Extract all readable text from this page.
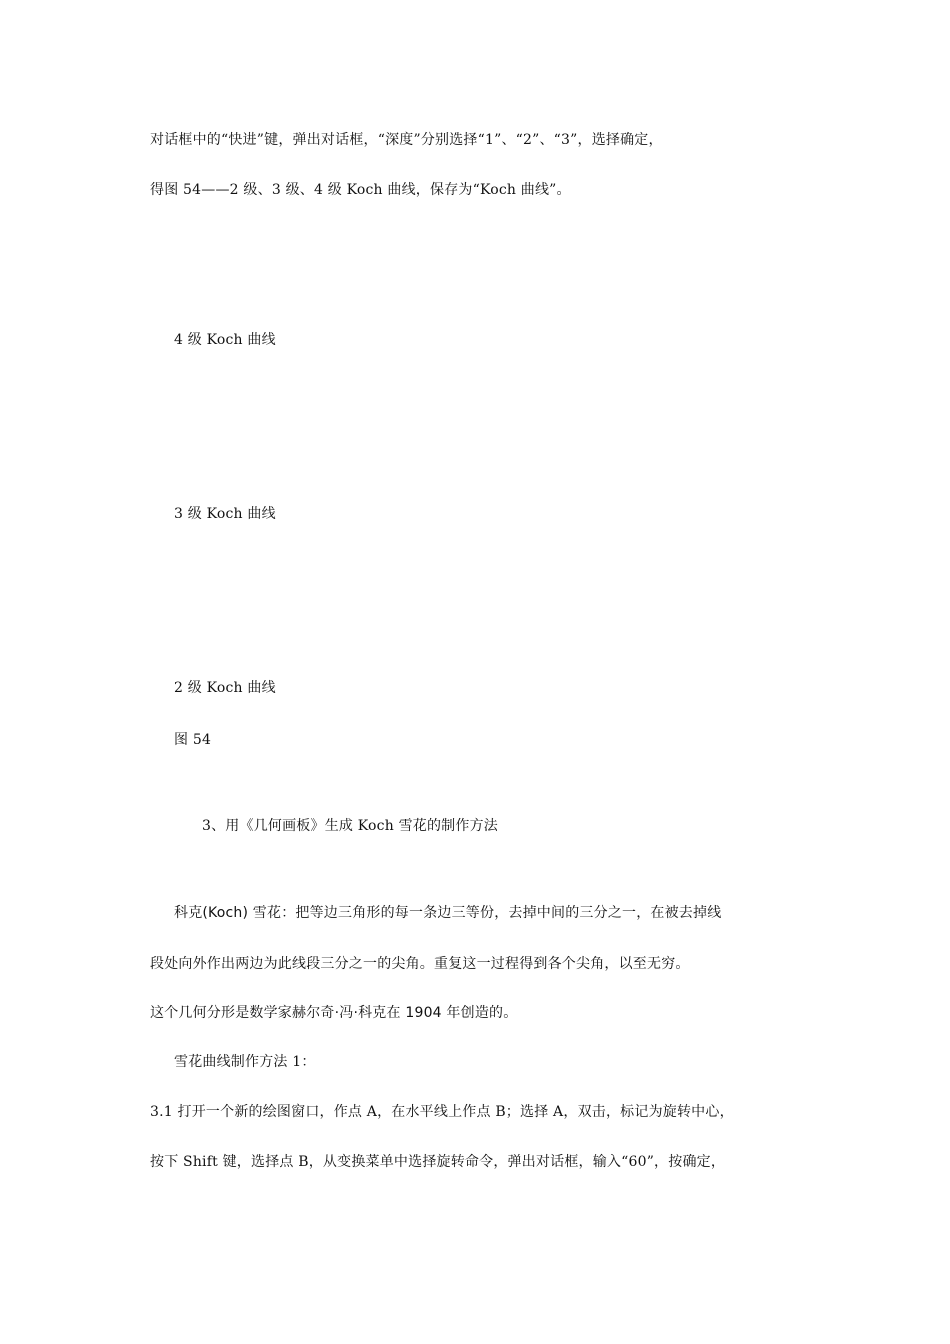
对话框中的“快进”键，弹出对话框，“深度”分别选择“1”、“2”、“3”，选择确定，

得图 54——2 级、3 级、4 级 Koch 曲线，保存为“Koch 曲线”。

4 级 Koch 曲线

3 级 Koch 曲线

2 级 Koch 曲线

图 54

3、用《几何画板》生成 Koch 雪花的制作方法

科克(Koch) 雪花：把等边三角形的每一条边三等份，去掉中间的三分之一，在被去掉线

段处向外作出两边为此线段三分之一的尖角。重复这一过程得到各个尖角，以至无穷。

这个几何分形是数学家赫尔奇·冯·科克在 1904 年创造的。

雪花曲线制作方法 1：

3.1 打开一个新的绘图窗口，作点 A，在水平线上作点 B；选择 A，双击，标记为旋转中心，

按下 Shift 键，选择点 B，从变换菜单中选择旋转命令，弹出对话框，输入“60”，按确定，
